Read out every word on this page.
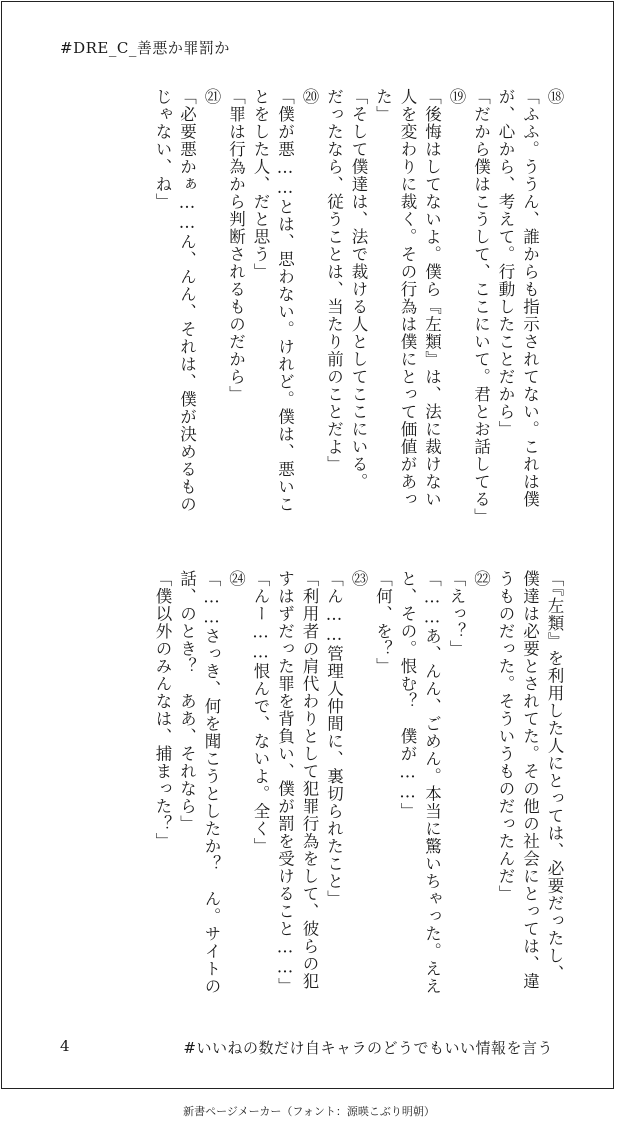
#DRE_C_善悪か罪罰か
⑱
「ふふ。ううん、誰からも指示されてない。これは僕
が、心から、考えて。行動したことだから」
「だから僕はこうして、ここにいて。君とお話してる」
⑲
「後悔はしてないよ。僕ら『左類』は、法に裁けない
人を変わりに裁く。その行為は僕にとって価値があっ
た」
「そして僕達は、法で裁ける人としてここにいる。
だったなら、従うことは、当たり前のことだよ」
⑳
「僕が悪……とは、思わない。けれど。僕は、悪いこ
とをした人、だと思う」
「罪は行為から判断されるものだから」
㉑
「必要悪かぁ……ん、んん、それは、僕が決めるもの
じゃない、ね」
「『左類』を利用した人にとっては、必要だったし、
僕達は必要とされてた。その他の社会にとっては、違
うものだった。そういうものだったんだ」
㉒
「えっ？」
「……あ、んん、ごめん。本当に驚いちゃった。ええ
と、その。恨む？　僕が……」
「何、を？」
㉓
「ん……管理人仲間に、裏切られたこと」
「利用者の肩代わりとして犯罪行為をして、彼らの犯
すはずだった罪を背負い、僕が罰を受けること……」
「んー……恨んで、ないよ。全く」
㉔
「……さっき、何を聞こうとしたか？　ん。サイトの
話、のとき？　ああ、それなら」
「僕以外のみんなは、捕まった？」
4	#いいねの数だけ自キャラのどうでもいい情報を言う
新書ページメーカー（フォント：源暎こぶり明朝）
